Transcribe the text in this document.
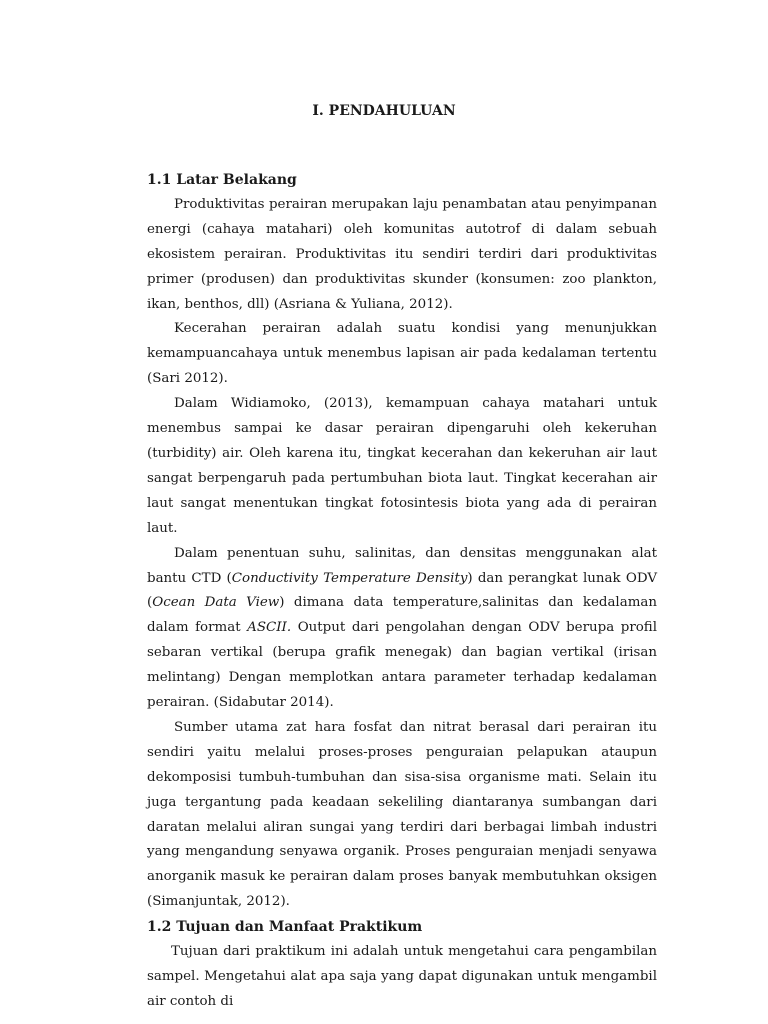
I. PENDAHULUAN
1.1 Latar Belakang

Produktivitas perairan merupakan laju penambatan atau penyimpanan energi (cahaya matahari) oleh komunitas autotrof di dalam sebuah ekosistem perairan. Produktivitas itu sendiri terdiri dari produktivitas primer (produsen) dan produktivitas skunder (konsumen: zoo plankton, ikan, benthos, dll) (Asriana & Yuliana, 2012).

Kecerahan perairan adalah suatu kondisi yang menunjukkan kemampuancahaya untuk menembus lapisan air pada kedalaman tertentu (Sari 2012).

Dalam Widiamoko, (2013), kemampuan cahaya matahari untuk menembus sampai ke dasar perairan dipengaruhi oleh kekeruhan (turbidity) air. Oleh karena itu, tingkat kecerahan dan kekeruhan air laut sangat berpengaruh pada pertumbuhan biota laut. Tingkat kecerahan air laut sangat menentukan tingkat fotosintesis biota yang ada di perairan laut.

Dalam penentuan suhu, salinitas, dan densitas menggunakan alat bantu CTD (Conductivity Temperature Density) dan perangkat lunak ODV (Ocean Data View) dimana data temperature,salinitas dan kedalaman dalam format ASCII. Output dari pengolahan dengan ODV berupa profil sebaran vertikal (berupa grafik menegak) dan bagian vertikal (irisan melintang) Dengan memplotkan antara parameter terhadap kedalaman perairan. (Sidabutar 2014).

Sumber utama zat hara fosfat dan nitrat berasal dari perairan itu sendiri yaitu melalui proses-proses penguraian pelapukan ataupun dekomposisi tumbuh-tumbuhan dan sisa-sisa organisme mati. Selain itu juga tergantung pada keadaan sekeliling diantaranya sumbangan dari daratan melalui aliran sungai yang terdiri dari berbagai limbah industri yang mengandung senyawa organik. Proses penguraian menjadi senyawa anorganik masuk ke perairan dalam proses banyak membutuhkan oksigen (Simanjuntak, 2012).

1.2 Tujuan dan Manfaat Praktikum

Tujuan dari praktikum ini adalah untuk mengetahui cara pengambilan sampel. Mengetahui alat apa saja yang dapat digunakan untuk mengambil air contoh di
